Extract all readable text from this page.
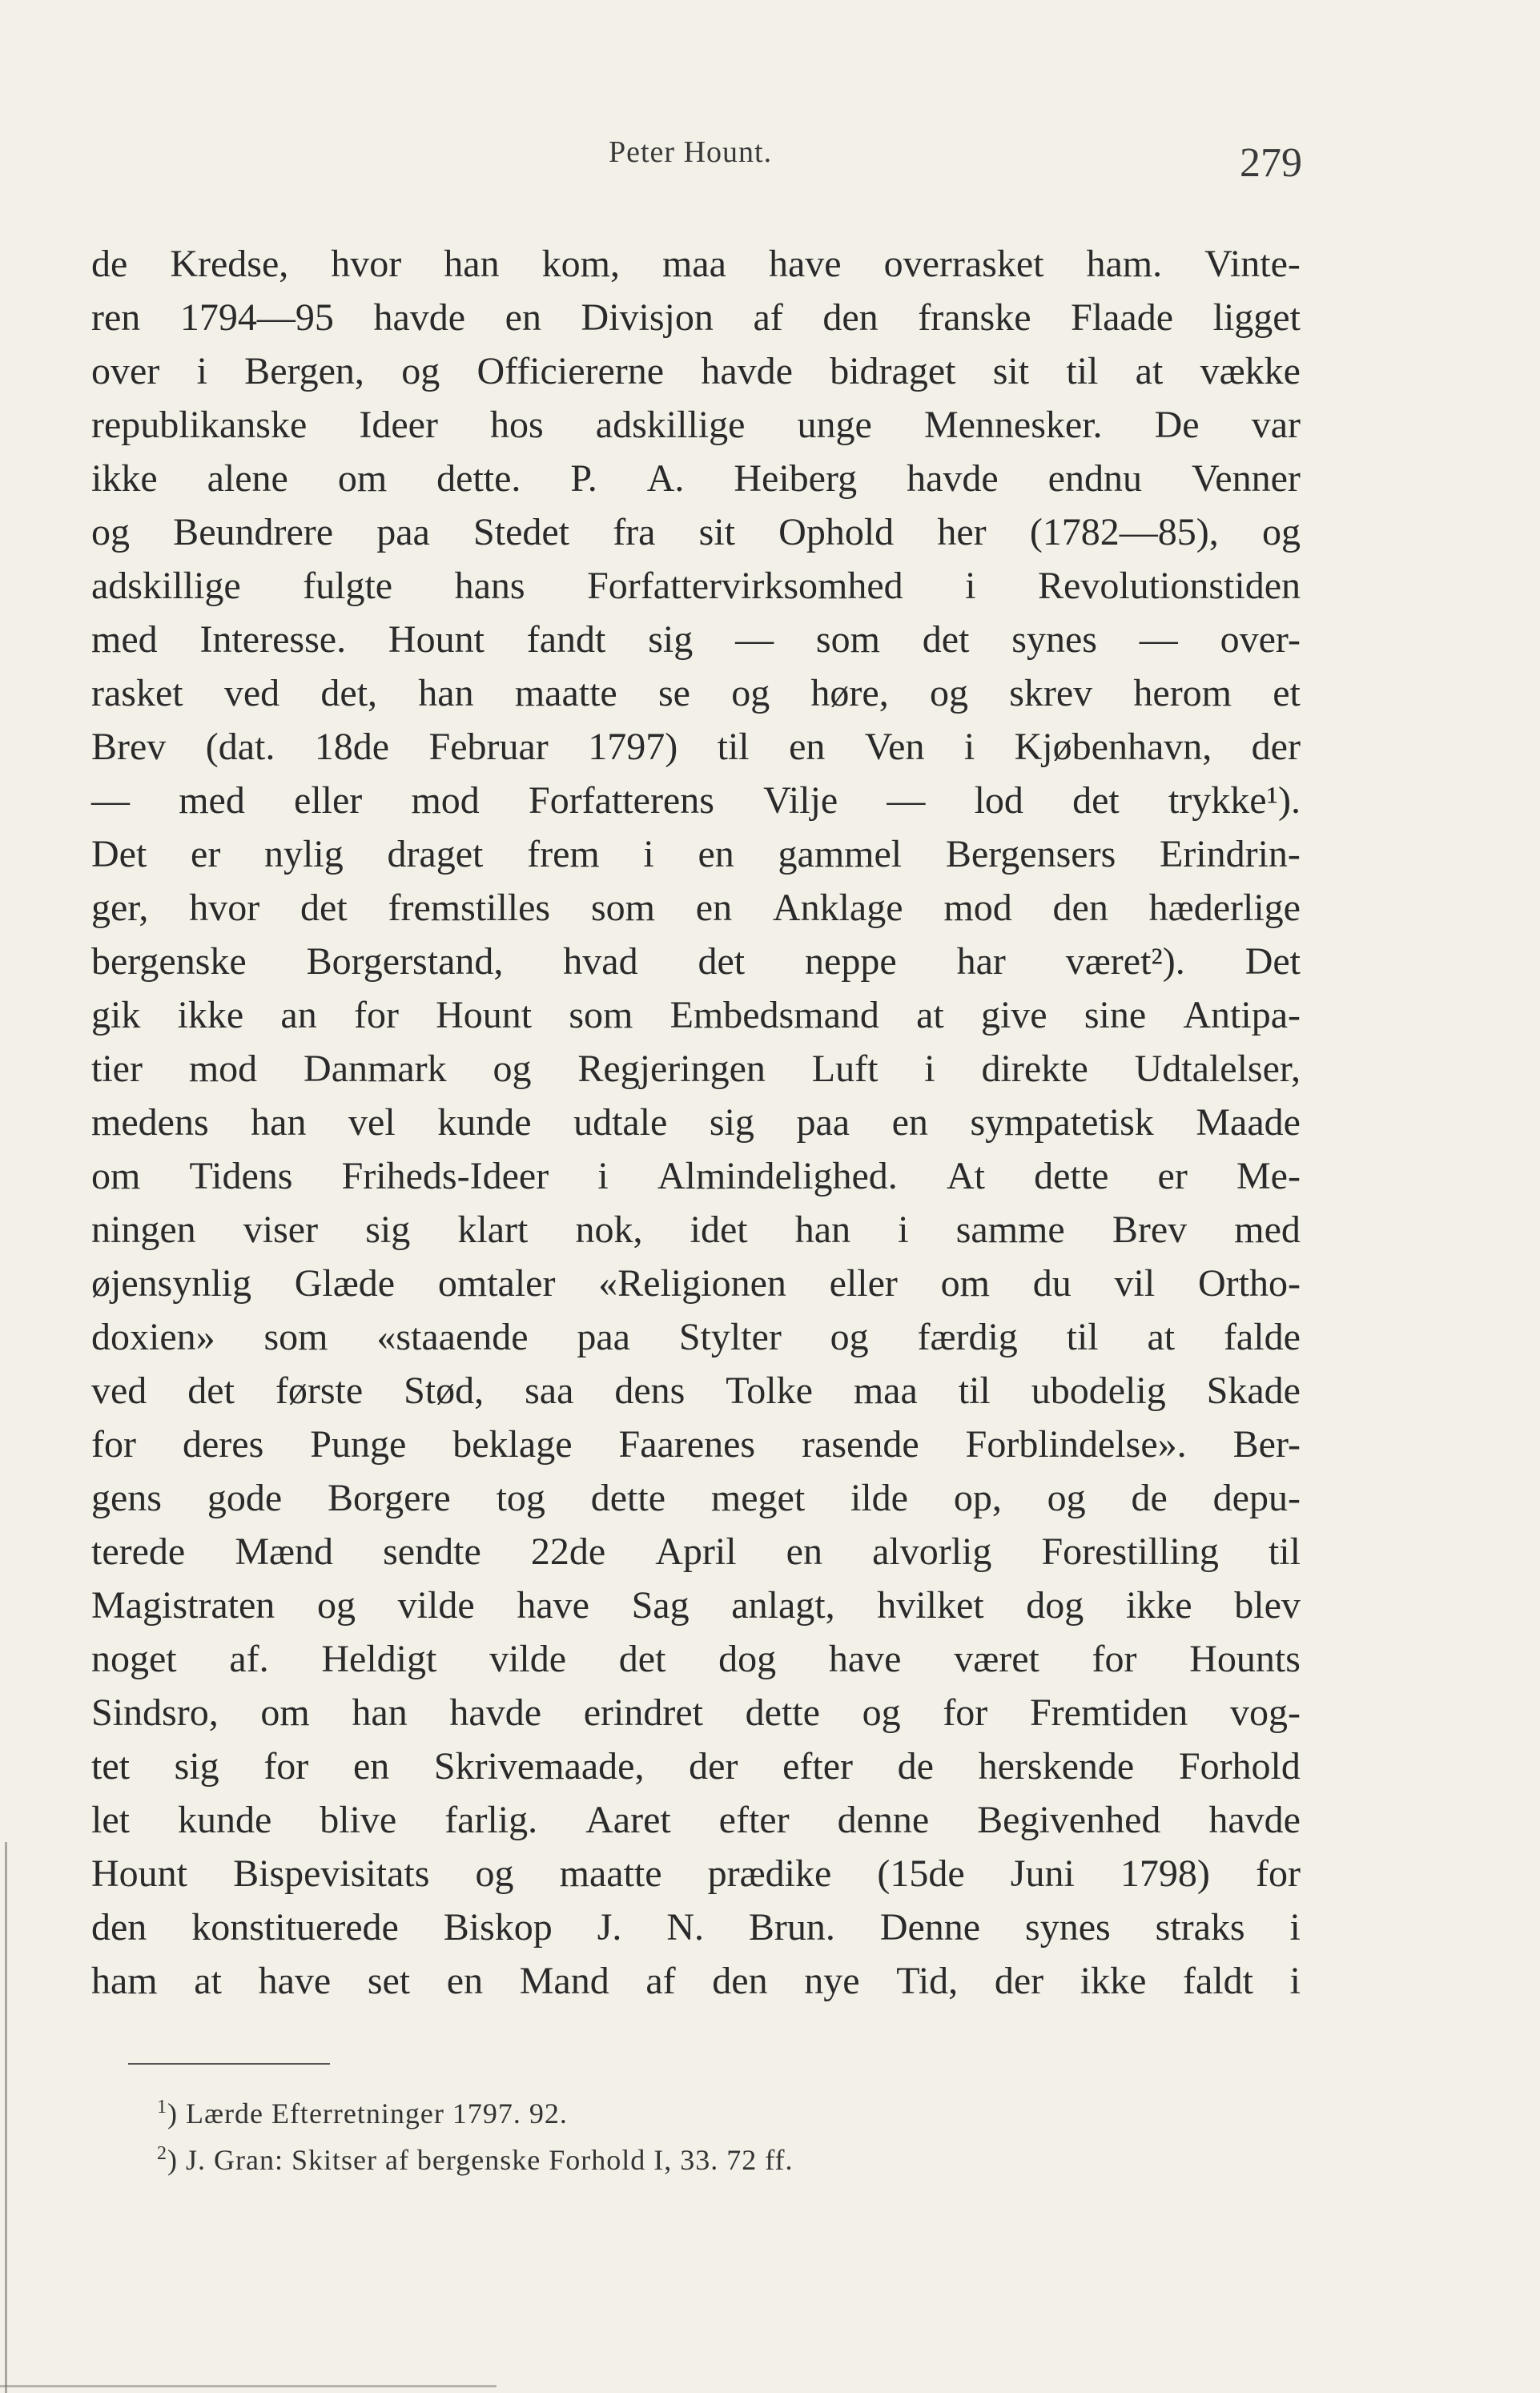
Peter Hount.	279
de Kredse, hvor han kom, maa have overrasket ham. Vinte-
ren 1794—95 havde en Divisjon af den franske Flaade ligget
over i Bergen, og Officiererne havde bidraget sit til at vække
republikanske Ideer hos adskillige unge Mennesker. De var
ikke alene om dette. P. A. Heiberg havde endnu Venner
og Beundrere paa Stedet fra sit Ophold her (1782—85), og
adskillige fulgte hans Forfattervirksomhed i Revolutionstiden
med Interesse. Hount fandt sig — som det synes — over-
rasket ved det, han maatte se og høre, og skrev herom et
Brev (dat. 18de Februar 1797) til en Ven i Kjøbenhavn, der
— med eller mod Forfatterens Vilje — lod det trykke¹).
Det er nylig draget frem i en gammel Bergensers Erindrin-
ger, hvor det fremstilles som en Anklage mod den hæderlige
bergenske Borgerstand, hvad det neppe har været²). Det
gik ikke an for Hount som Embedsmand at give sine Antipa-
tier mod Danmark og Regjeringen Luft i direkte Udtalelser,
medens han vel kunde udtale sig paa en sympatetisk Maade
om Tidens Friheds-Ideer i Almindelighed. At dette er Me-
ningen viser sig klart nok, idet han i samme Brev med
øjensynlig Glæde omtaler «Religionen eller om du vil Ortho-
doxien» som «staaende paa Stylter og færdig til at falde
ved det første Stød, saa dens Tolke maa til ubodelig Skade
for deres Punge beklage Faarenes rasende Forblindelse». Ber-
gens gode Borgere tog dette meget ilde op, og de depu-
terede Mænd sendte 22de April en alvorlig Forestilling til
Magistraten og vilde have Sag anlagt, hvilket dog ikke blev
noget af. Heldigt vilde det dog have været for Hounts
Sindsro, om han havde erindret dette og for Fremtiden vog-
tet sig for en Skrivemaade, der efter de herskende Forhold
let kunde blive farlig. Aaret efter denne Begivenhed havde
Hount Bispevisitats og maatte prædike (15de Juni 1798) for
den konstituerede Biskop J. N. Brun. Denne synes straks i
ham at have set en Mand af den nye Tid, der ikke faldt i
$^1$) Lærde Efterretninger 1797. 92.
$^2$) J. Gran: Skitser af bergenske Forhold I, 33. 72 ff.
